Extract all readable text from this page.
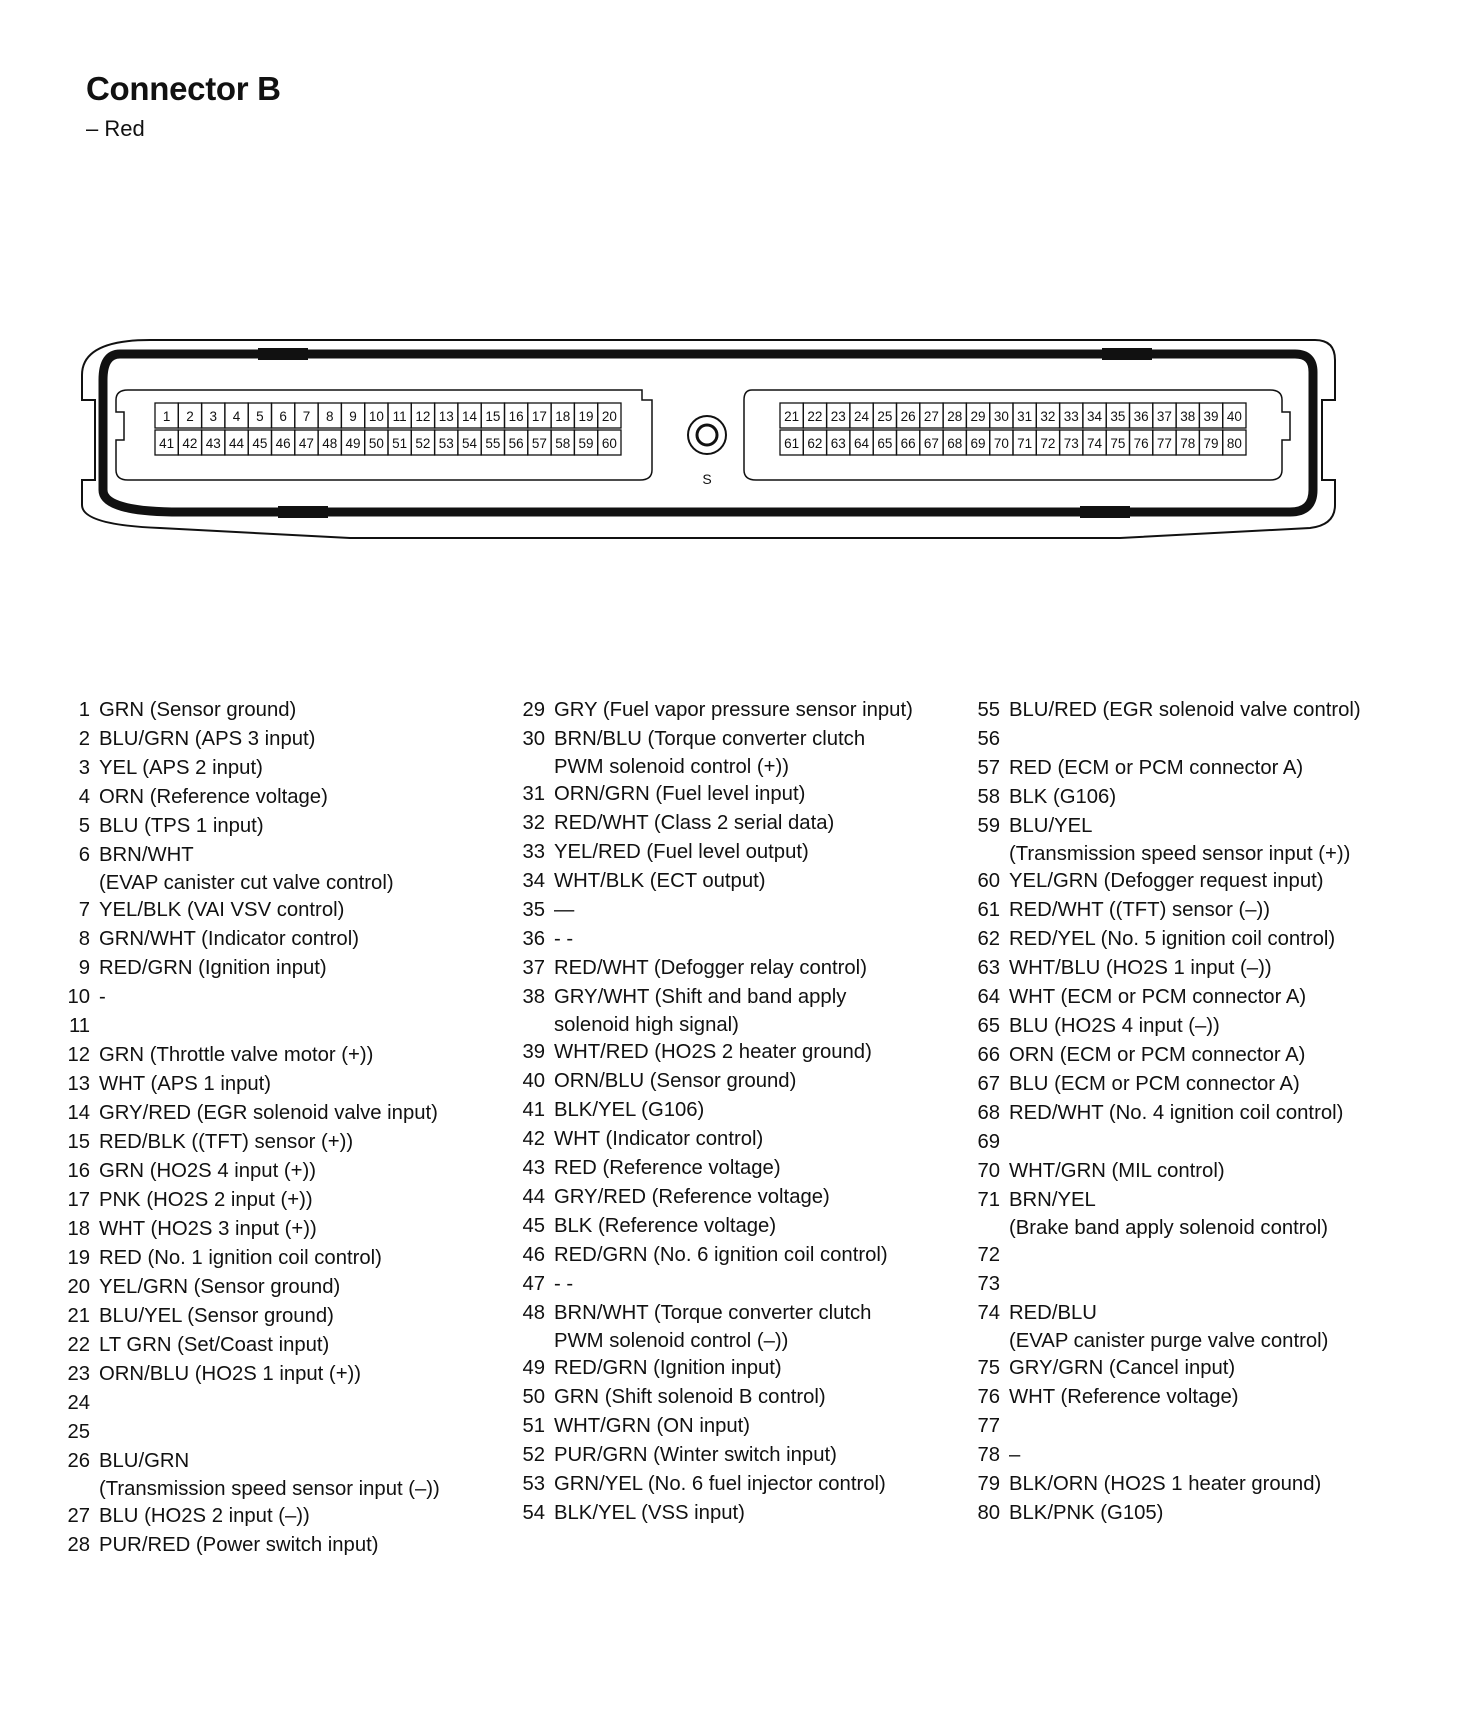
Connector B
– Red
1 2 3 4 5 6 7 8 9 10 11 12 13 14 15 16 17 18 19 20
41 42 43 44 45 46 47 48 49 50 51 52 53 54 55 56 57 58 59 60
21 22 23 24 25 26 27 28 29 30 31 32 33 34 35 36 37 38 39 40
61 62 63 64 65 66 67 68 69 70 71 72 73 74 75 76 77 78 79 80
S
1 GRN (Sensor ground)
2 BLU/GRN (APS 3 input)
3 YEL (APS 2 input)
4 ORN (Reference voltage)
5 BLU (TPS 1 input)
6 BRN/WHT
(EVAP canister cut valve control)
7 YEL/BLK (VAI VSV control)
8 GRN/WHT (Indicator control)
9 RED/GRN (Ignition input)
10 -
11

12 GRN (Throttle valve motor (+))
13 WHT (APS 1 input)
14 GRY/RED (EGR solenoid valve input)
15 RED/BLK ((TFT) sensor (+))
16 GRN (HO2S 4 input (+))
17 PNK (HO2S 2 input (+))
18 WHT (HO2S 3 input (+))
19 RED (No. 1 ignition coil control)
20 YEL/GRN (Sensor ground)
21 BLU/YEL (Sensor ground)
22 LT GRN (Set/Coast input)
23 ORN/BLU (HO2S 1 input (+))
24

25

26 BLU/GRN
(Transmission speed sensor input (–))
27 BLU (HO2S 2 input (–))
28 PUR/RED (Power switch input)
29 GRY (Fuel vapor pressure sensor input)
30 BRN/BLU (Torque converter clutch
PWM solenoid control (+))
31 ORN/GRN (Fuel level input)
32 RED/WHT (Class 2 serial data)
33 YEL/RED (Fuel level output)
34 WHT/BLK (ECT output)
35 —
36 - -
37 RED/WHT (Defogger relay control)
38 GRY/WHT (Shift and band apply
solenoid high signal)
39 WHT/RED (HO2S 2 heater ground)
40 ORN/BLU (Sensor ground)
41 BLK/YEL (G106)
42 WHT (Indicator control)
43 RED (Reference voltage)
44 GRY/RED (Reference voltage)
45 BLK (Reference voltage)
46 RED/GRN (No. 6 ignition coil control)
47 - -
48 BRN/WHT (Torque converter clutch
PWM solenoid control (–))
49 RED/GRN (Ignition input)
50 GRN (Shift solenoid B control)
51 WHT/GRN (ON input)
52 PUR/GRN (Winter switch input)
53 GRN/YEL (No. 6 fuel injector control)
54 BLK/YEL (VSS input)
55 BLU/RED (EGR solenoid valve control)
56

57 RED (ECM or PCM connector A)
58 BLK (G106)
59 BLU/YEL
(Transmission speed sensor input (+))
60 YEL/GRN (Defogger request input)
61 RED/WHT ((TFT) sensor (–))
62 RED/YEL (No. 5 ignition coil control)
63 WHT/BLU (HO2S 1 input (–))
64 WHT (ECM or PCM connector A)
65 BLU (HO2S 4 input (–))
66 ORN (ECM or PCM connector A)
67 BLU (ECM or PCM connector A)
68 RED/WHT (No. 4 ignition coil control)
69

70 WHT/GRN (MIL control)
71 BRN/YEL
(Brake band apply solenoid control)
72

73

74 RED/BLU
(EVAP canister purge valve control)
75 GRY/GRN (Cancel input)
76 WHT (Reference voltage)
77

78 –
79 BLK/ORN (HO2S 1 heater ground)
80 BLK/PNK (G105)
